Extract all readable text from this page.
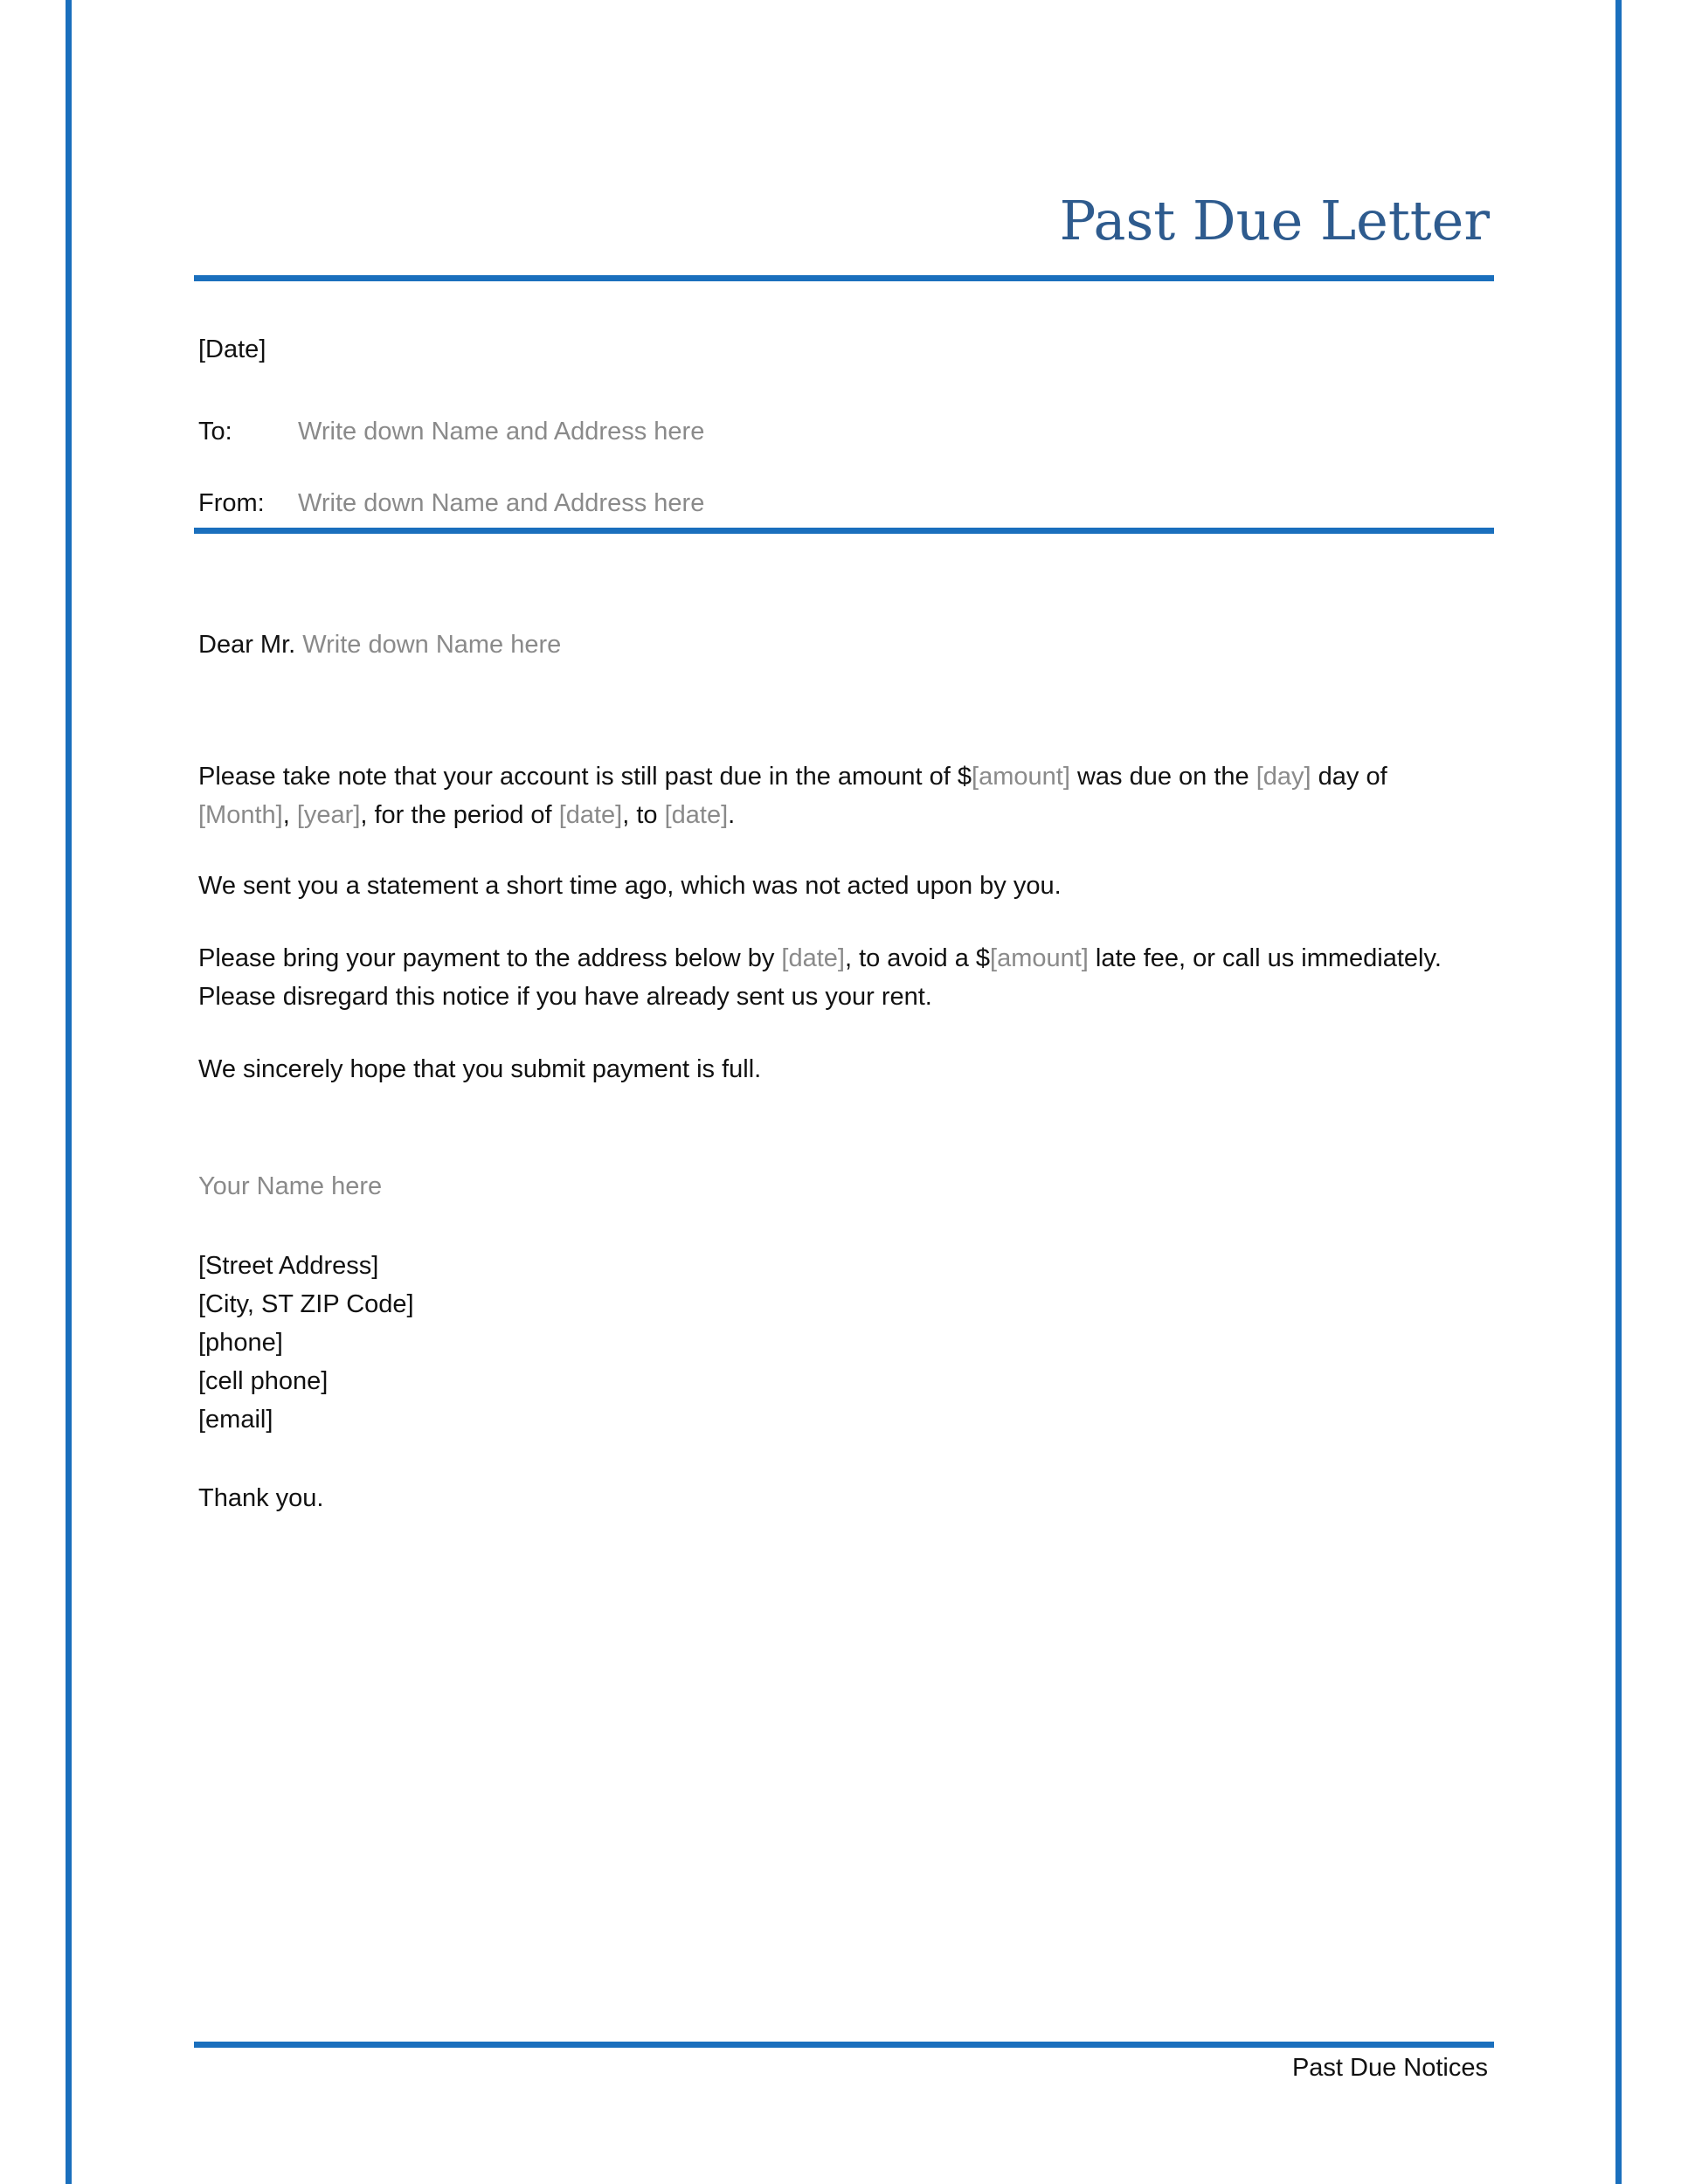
Past Due Letter
[Date]
To:	Write down Name and Address here
From: Write down Name and Address here
Dear Mr. Write down Name here
Please take note that your account is still past due in the amount of $[amount] was due on the [day] day of [Month], [year], for the period of [date], to [date].
We sent you a statement a short time ago, which was not acted upon by you.
Please bring your payment to the address below by [date], to avoid a $[amount] late fee, or call us immediately. Please disregard this notice if you have already sent us your rent.
We sincerely hope that you submit payment is full.
Your Name here
[Street Address]
[City, ST ZIP Code]
[phone]
[cell phone]
[email]
Thank you.
Past Due Notices
